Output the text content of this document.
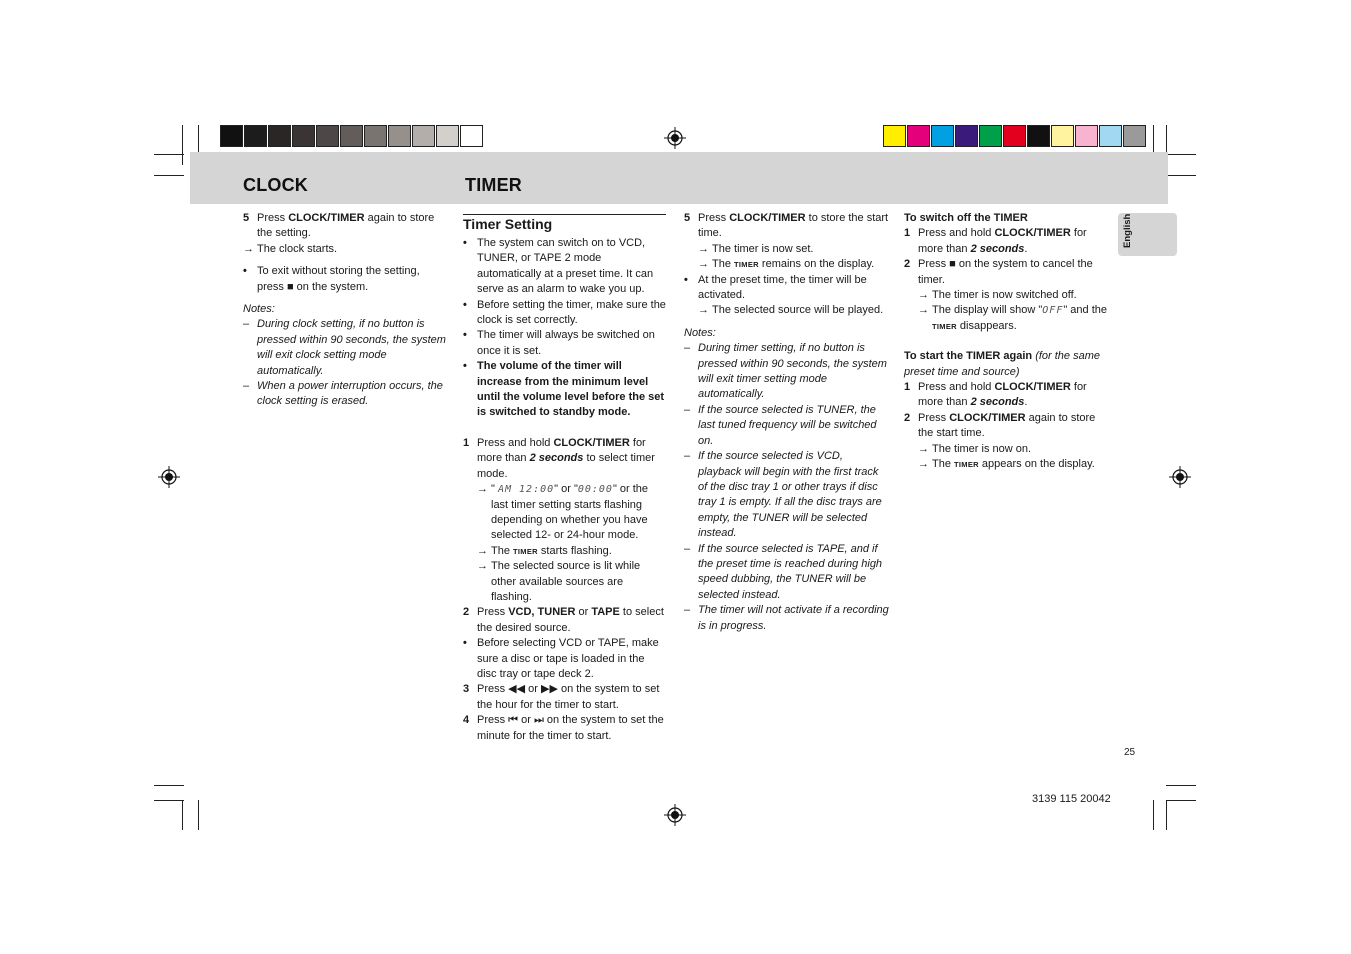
CLOCK	TIMER
English
5 Press CLOCK/TIMER again to store the setting.
→ The clock starts.
• To exit without storing the setting, press ■ on the system.

Notes:

– During clock setting, if no button is pressed within 90 seconds, the system will exit clock setting mode automatically.
– When a power interruption occurs, the clock setting is erased.

Timer Setting

• The system can switch on to VCD, TUNER, or TAPE 2 mode automatically at a preset time. It can serve as an alarm to wake you up.
• Before setting the timer, make sure the clock is set correctly.
• The timer will always be switched on once it is set.
• The volume of the timer will increase from the minimum level until the volume level before the set is switched to standby mode.
1 Press and hold CLOCK/TIMER for more than 2 seconds to select timer mode.
→ " AM 12:00" or "00:00" or the last timer setting starts flashing depending on whether you have selected 12- or 24-hour mode.
→ The TIMER starts flashing.
→ The selected source is lit while other available sources are flashing.
2 Press VCD, TUNER or TAPE to select the desired source.
• Before selecting VCD or TAPE, make sure a disc or tape is loaded in the disc tray or tape deck 2.
3 Press ◀◀ or ▶▶ on the system to set the hour for the timer to start.
4 Press ⏮ or ⏭ on the system to set the minute for the timer to start.
5 Press CLOCK/TIMER to store the start time.
→ The timer is now set.
→ The TIMER remains on the display.
• At the preset time, the timer will be activated.
→ The selected source will be played.

Notes:

– During timer setting, if no button is pressed within 90 seconds, the system will exit timer setting mode automatically.
– If the source selected is TUNER, the last tuned frequency will be switched on.
– If the source selected is VCD, playback will begin with the first track of the disc tray 1 or other trays if disc tray 1 is empty. If all the disc trays are empty, the TUNER will be selected instead.
– If the source selected is TAPE, and if the preset time is reached during high speed dubbing, the TUNER will be selected instead.
– The timer will not activate if a recording is in progress.

To switch off the TIMER

1 Press and hold CLOCK/TIMER for more than 2 seconds.
2 Press ■ on the system to cancel the timer.
→ The timer is now switched off.
→ The display will show "OFF" and the TIMER disappears.

To start the TIMER again (for the same preset time and source)

1 Press and hold CLOCK/TIMER for more than 2 seconds.
2 Press CLOCK/TIMER again to store the start time.
→ The timer is now on.
→ The TIMER appears on the display.
25
3139 115 20042
